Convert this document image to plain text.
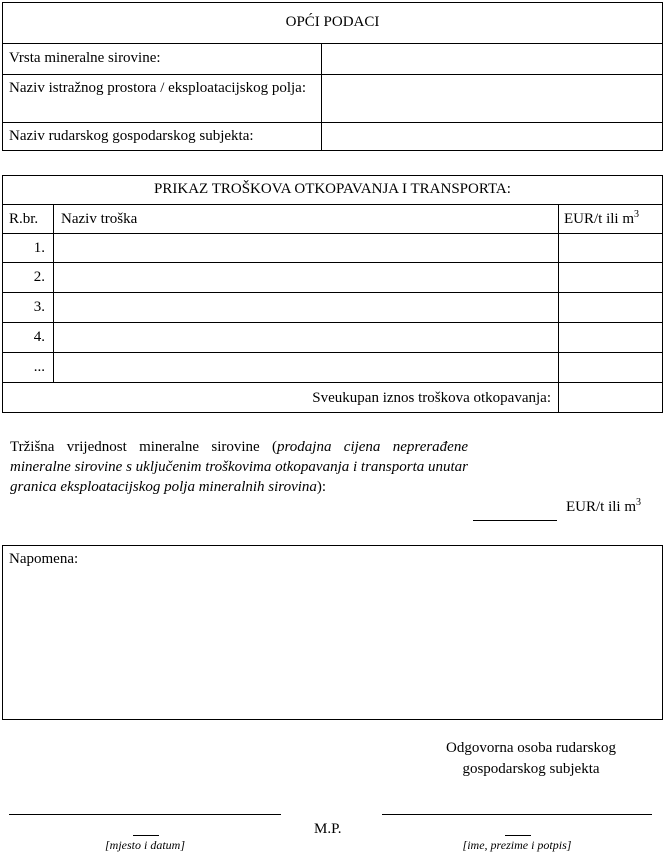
OPĆI PODACI
Vrsta mineralne sirovine:
Naziv istražnog prostora / eksploatacijskog polja:
Naziv rudarskog gospodarskog subjekta:
PRIKAZ TROŠKOVA OTKOPAVANJA I TRANSPORTA:
R.br. Naziv troška	EUR/t ili $m^3$
1.
2.
3.
4.
...
Sveukupan iznos troškova otkopavanja:
Tržišna vrijednost mineralne sirovine (prodajna cijena neprerađene mineralne sirovine s uključenim troškovima otkopavanja i transporta unutar granica eksploatacijskog polja mineralnih sirovina):
EUR/t ili $m^3$
Napomena:
Odgovorna osoba rudarskog
gospodarskog subjekta
M.P.
[mjesto i datum]	[ime, prezime i potpis]
